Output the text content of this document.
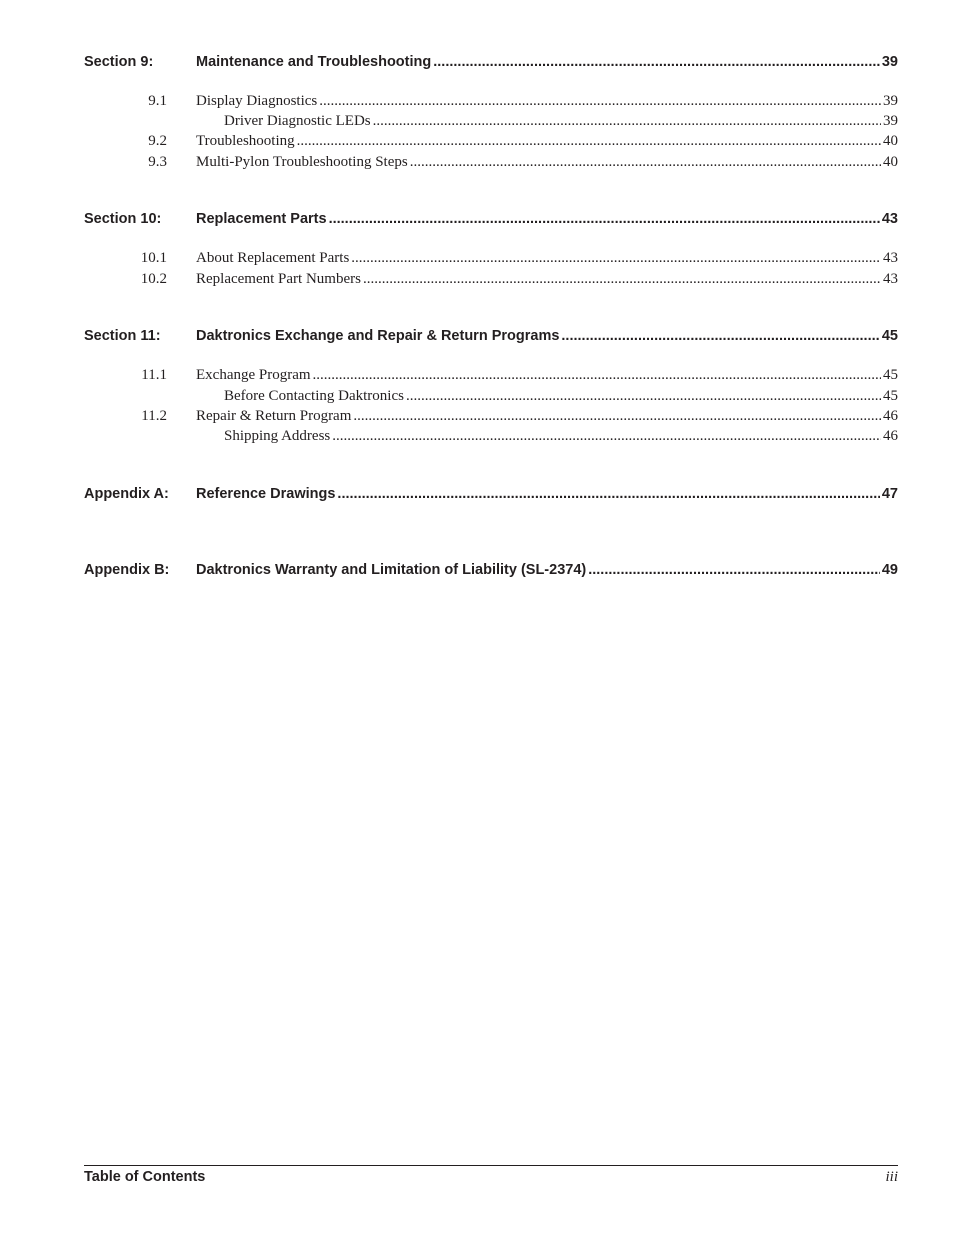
Section 9:	Maintenance and Troubleshooting .....	39
9.1	Display Diagnostics .....	39
Driver Diagnostic LEDs .....	39
9.2	Troubleshooting .....	40
9.3	Multi-Pylon Troubleshooting Steps .....	40
Section 10:	Replacement Parts .....	43
10.1	About Replacement Parts .....	43
10.2	Replacement Part Numbers .....	43
Section 11:	Daktronics Exchange and Repair & Return Programs .....	45
11.1	Exchange Program .....	45
Before Contacting Daktronics .....	45
11.2	Repair & Return Program .....	46
Shipping Address .....	46
Appendix A:	Reference Drawings .....	47
Appendix B:	Daktronics Warranty and Limitation of Liability (SL-2374) .....	49
Table of Contents	iii
